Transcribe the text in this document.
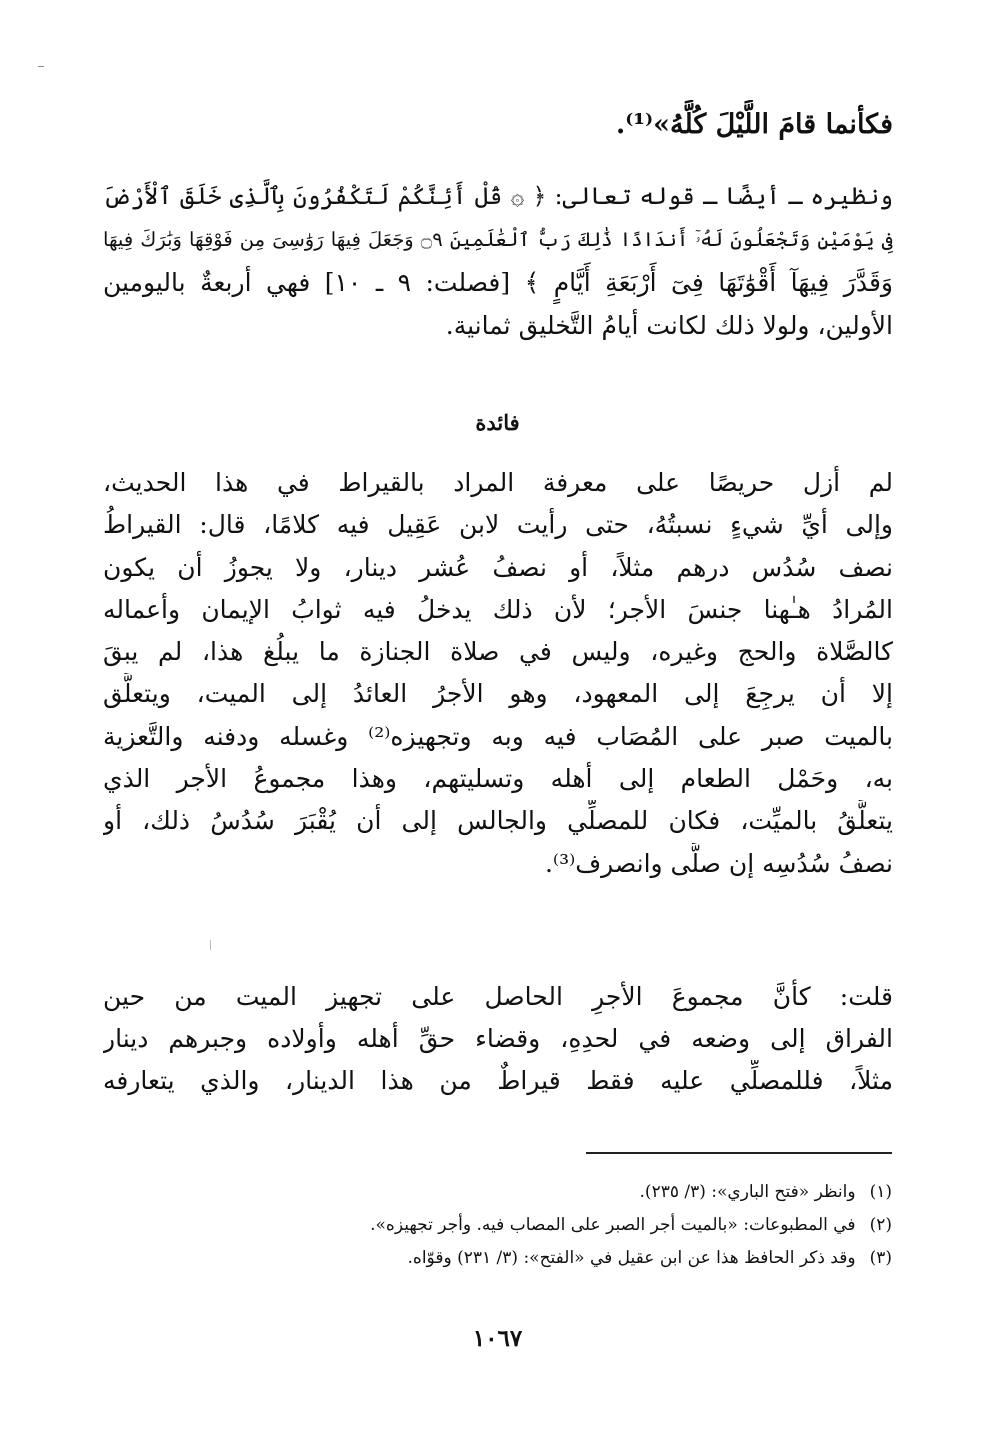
فكأنما قامَ اللَّيْلَ كُلَّهُ»⁽¹⁾.
ونظيره ـ أيضًا ـ قوله تعالى: ﴿ ۞ قُلْ أَئِنَّكُمْ لَتَكْفُرُونَ بِٱلَّذِى خَلَقَ ٱلْأَرْضَ
فِى يَوْمَيْنِ وَتَجْعَلُونَ لَهُۥٓ أَندَادًا ذَٰلِكَ رَبُّ ٱلْعَٰلَمِينَ ۝٩ وَجَعَلَ فِيهَا رَوَٰسِىَ مِن فَوْقِهَا وَبَٰرَكَ فِيهَا
وَقَدَّرَ فِيهَآ أَقْوَٰتَهَا فِىٓ أَرْبَعَةِ أَيَّامٍ ﴾ [فصلت: ٩ ـ ١٠] فهي أربعةٌ باليومين
الأولين، ولولا ذلك لكانت أيامُ التَّخليق ثمانية.
فائدة
لم أزل حريصًا على معرفة المراد بالقيراط في هذا الحديث،
وإلى أيِّ شيءٍ نسبتُهُ، حتى رأيت لابن عَقِيل فيه كلامًا، قال: القيراطُ
نصف سُدُس درهم مثلاً، أو نصفُ عُشر دينار، ولا يجوزُ أن يكون
المُرادُ هـٰهنا جنسَ الأجر؛ لأن ذلك يدخلُ فيه ثوابُ الإيمان وأعماله
كالصَّلاة والحج وغيره، وليس في صلاة الجنازة ما يبلُغ هذا، لم يبقَ
إلا أن يرجِعَ إلى المعهود، وهو الأجرُ العائدُ إلى الميت، ويتعلَّق
بالميت صبر على المُصَاب فيه وبه وتجهيزه⁽²⁾ وغسله ودفنه والتَّعزية
به، وحَمْل الطعام إلى أهله وتسليتهم، وهذا مجموعُ الأجر الذي
يتعلَّقُ بالميِّت، فكان للمصلِّي والجالس إلى أن يُقْبَرَ سُدُسُ ذلك، أو
نصفُ سُدُسِه إن صلَّى وانصرف⁽³⁾.
قلت: كأنَّ مجموعَ الأجرِ الحاصل على تجهيز الميت من حين
الفراق إلى وضعه في لحدِهِ، وقضاء حقِّ أهله وأولاده وجبرهم دينار
مثلاً، فللمصلِّي عليه فقط قيراطٌ من هذا الدينار، والذي يتعارفه
(١)وانظر «فتح الباري»: (٣/ ٢٣٥).
(٢)في المطبوعات: «بالميت أجر الصبر على المصاب فيه. وأجر تجهيزه».
(٣)وقد ذكر الحافظ هذا عن ابن عقيل في «الفتح»: (٣/ ٢٣١) وقوّاه.
١٠٦٧
